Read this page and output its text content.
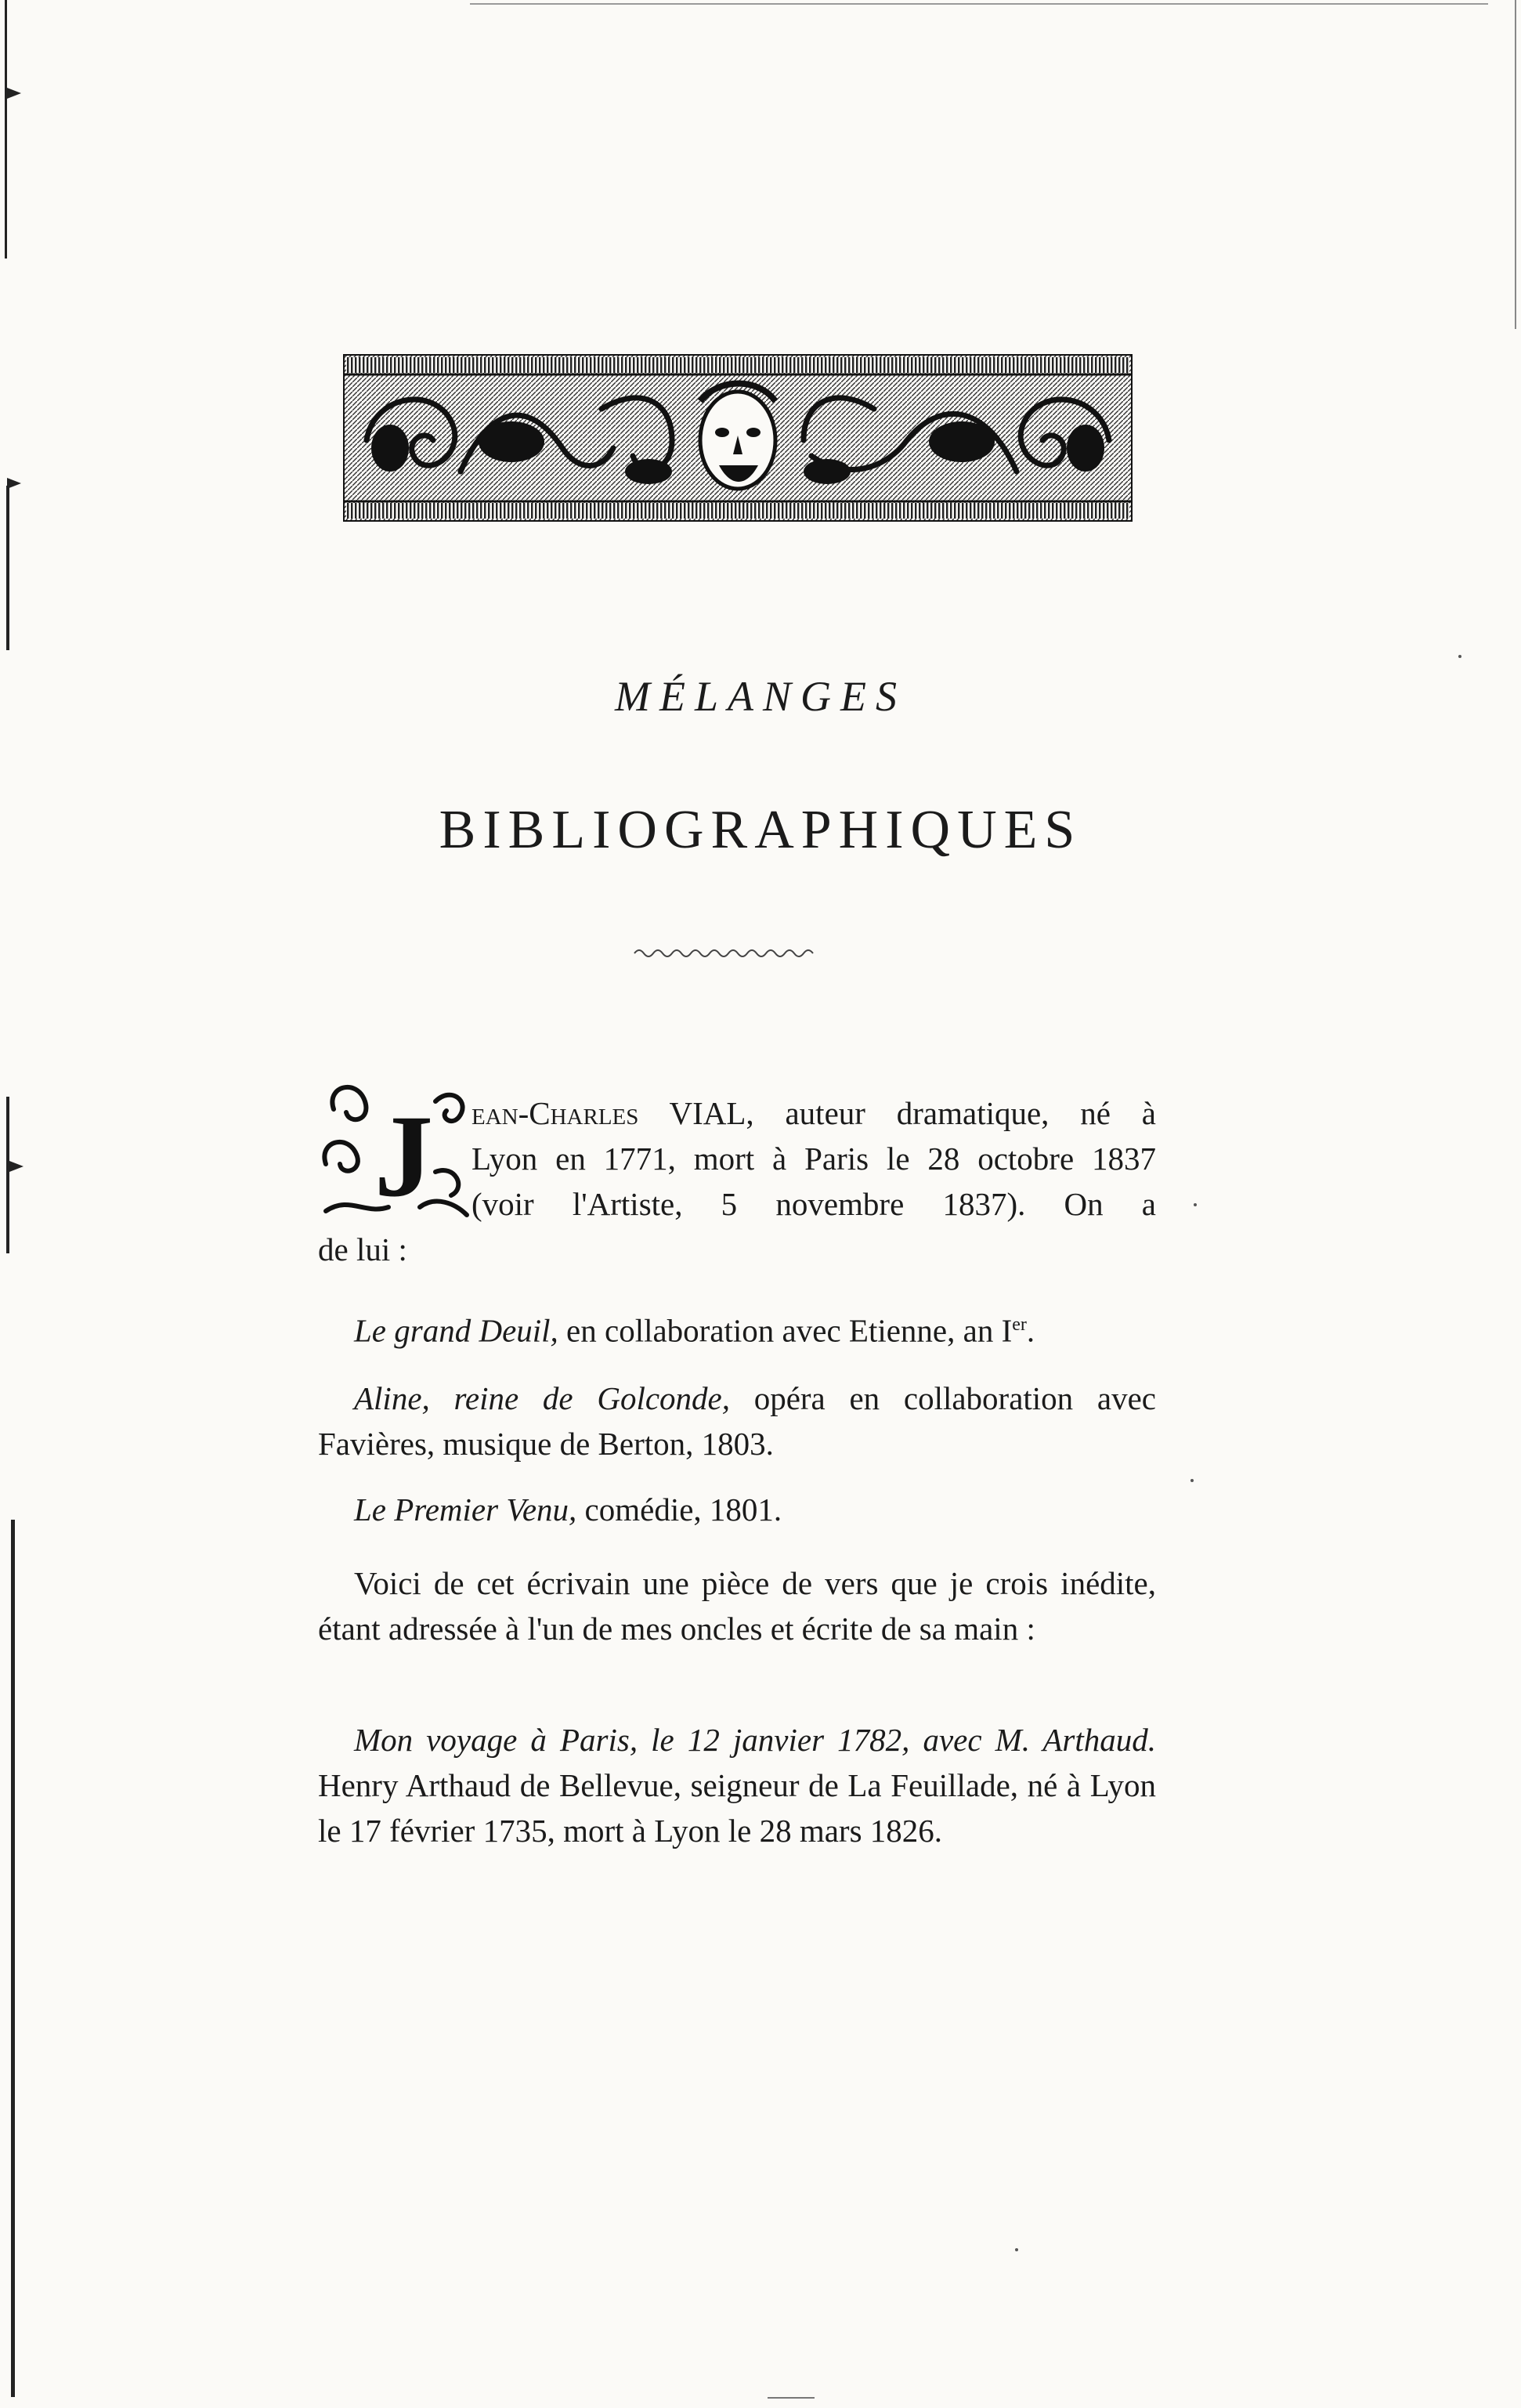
MÉLANGES
BIBLIOGRAPHIQUES
J	ean-Charles VIAL, auteur dramatique, né à
Lyon en 1771, mort à Paris le 28 octobre 1837
(voir l'Artiste, 5 novembre 1837). On a
de lui :
Le grand Deuil, en collaboration avec Etienne, an Ier.
Aline, reine de Golconde, opéra en collaboration avec Favières, musique de Berton, 1803.
Le Premier Venu, comédie, 1801.
Voici de cet écrivain une pièce de vers que je crois inédite, étant adressée à l'un de mes oncles et écrite de sa main :
Mon voyage à Paris, le 12 janvier 1782, avec M. Arthaud. Henry Arthaud de Bellevue, seigneur de La Feuillade, né à Lyon le 17 février 1735, mort à Lyon le 28 mars 1826.
